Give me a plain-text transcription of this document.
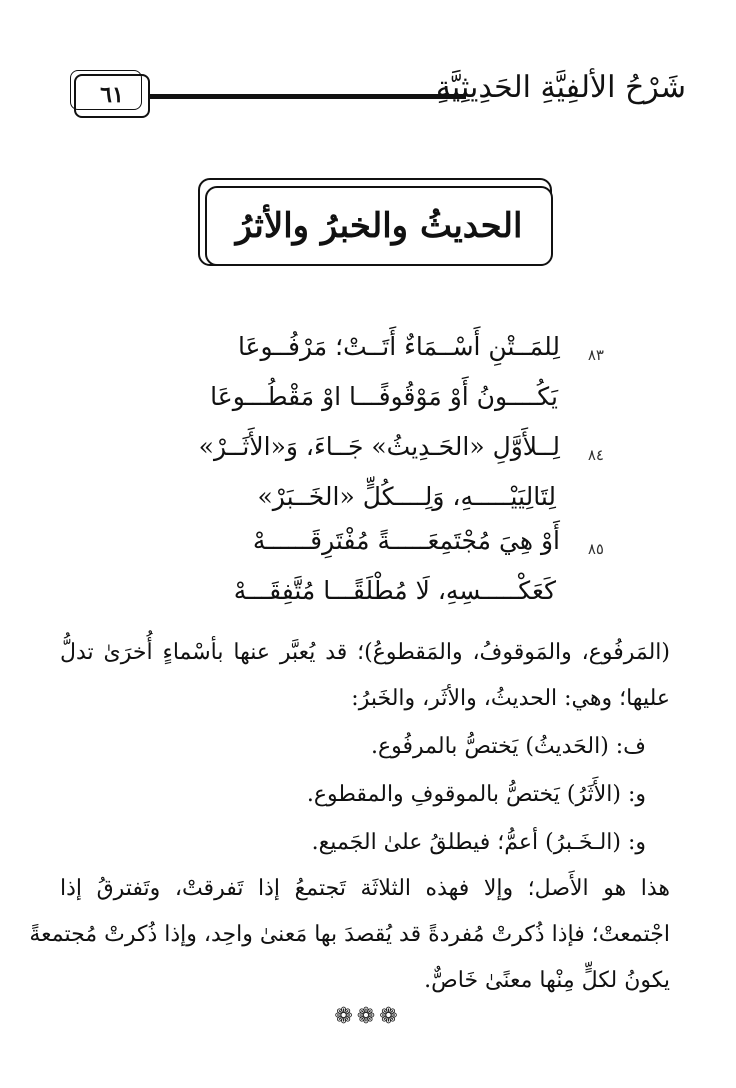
٦١	شَرْحُ الألفِيَّةِ الحَدِيثِيَّةِ
الحديثُ والخبرُ والأثرُ
٨٣
لِلمَــتْنِ أَسْــمَاءٌ أَتَــتْ؛ مَرْفُــوعَا
يَكُــــونُ أَوْ مَوْقُوفًـــا اوْ مَقْطُـــوعَا
٨٤
لِــلأَوَّلِ «الحَـدِيثُ» جَــاءَ، وَ«الأَثَــرْ»
لِتَالِيَيْـــــهِ، وَلِــــكُلٍّ «الخَــبَرْ»
٨٥
أَوْ هِيَ مُجْتَمِعَـــــةً مُفْتَرِقَــــــهْ
كَعَكْـــــسِهِ، لَا مُطْلَقًـــا مُتَّفِقَـــهْ
(المَرفُوع، والمَوقوفُ، والمَقطوعُ)؛ قد يُعبَّر عنها بأسْماءٍ أُخرَىٰ تدلُّ
عليها؛ وهي: الحديثُ، والأثَر، والخَبرُ:
ف: (الحَديثُ) يَختصُّ بالمرفُوع.
و: (الأَثَرُ) يَختصُّ بالموقوفِ والمقطوع.
و: (الـخَـبرُ) أعمُّ؛ فيطلقُ علىٰ الجَميع.
هذا هو الأَصل؛ وإلا فهذه الثلاثَة تَجتمعُ إذا تَفرقتْ، وتَفترقُ إذا
اجْتمعتْ؛ فإذا ذُكرتْ مُفردةً قد يُقصدَ بها مَعنىٰ واحِد، وإذا ذُكرتْ مُجتمعةً
يكونُ لكلٍّ مِنْها معنًىٰ خَاصٌّ.
❁❁❁
